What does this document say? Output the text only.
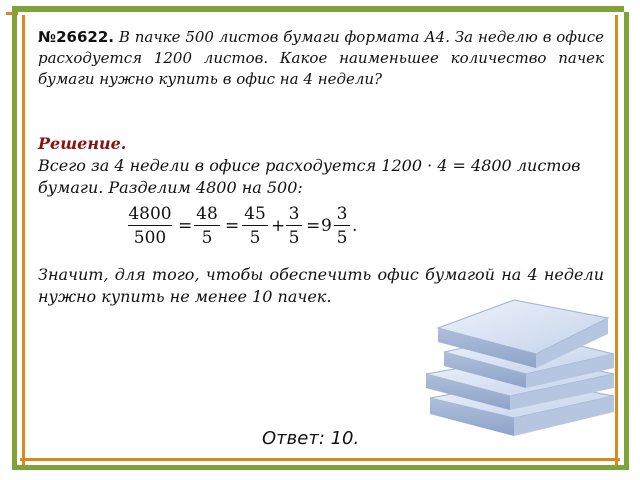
№26622. В пачке 500 листов бумаги формата А4. За неделю в офисе расходуется 1200 листов. Какое наименьшее количество пачек бумаги нужно купить в офис на 4 недели?
Решение.
Всего за 4 недели в офисе расходуется 1200 · 4 = 4800 листов бумаги. Разделим 4800 на 500:
4800
500
=
48
5
=
45
5
+
3
5
= 9
3
5
.
Значит, для того, чтобы обеспечить офис бумагой на 4 недели нужно купить не менее 10 пачек.
Ответ: 10.
